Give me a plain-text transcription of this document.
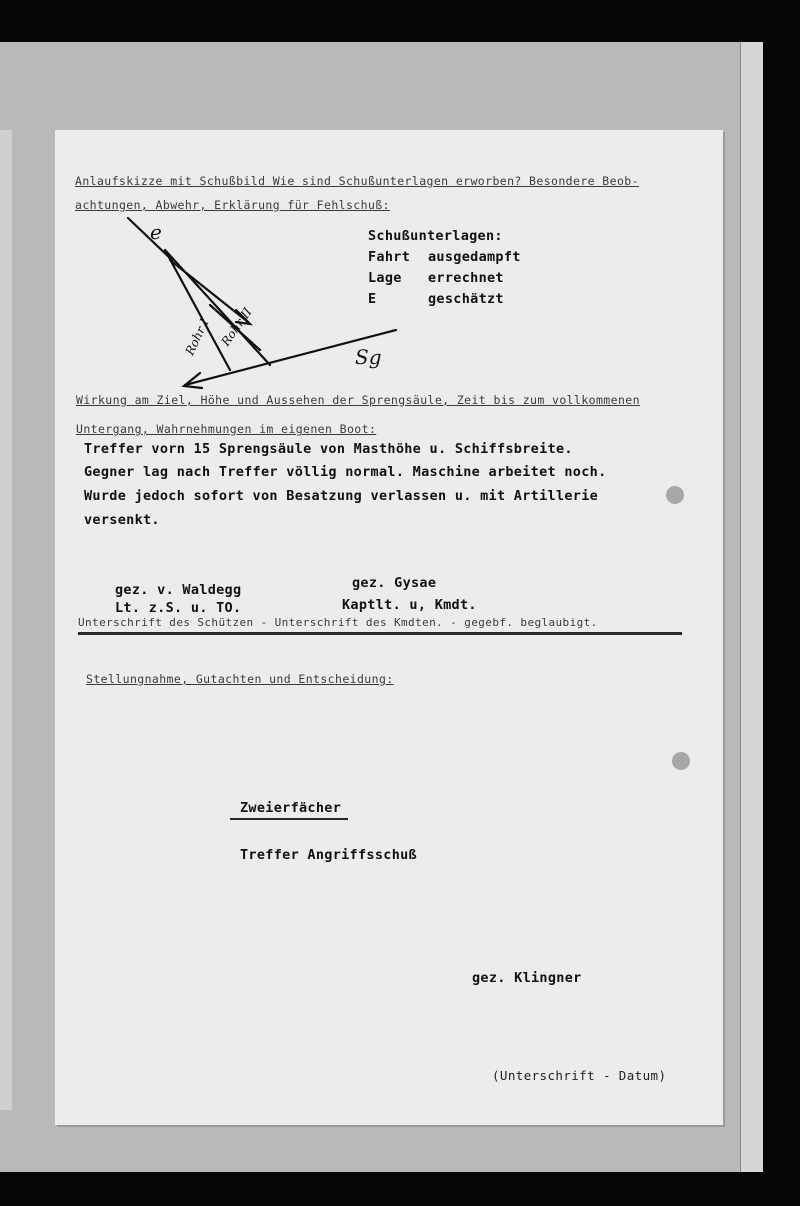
Anlaufskizze mit Schußbild Wie sind Schußunterlagen erworben? Besondere Beob-
achtungen, Abwehr, Erklärung für Fehlschuß:
e
Rohr I Rohr II
Sg
Schußunterlagen:
Fahrt ausgedampft
Lage errechnet
E	geschätzt
Wirkung am Ziel, Höhe und Aussehen der Sprengsäule, Zeit bis zum vollkommenen
Untergang, Wahrnehmungen im eigenen Boot:
Treffer vorn 15 Sprengsäule von Masthöhe u. Schiffsbreite.
Gegner lag nach Treffer völlig normal. Maschine arbeitet noch.
Wurde jedoch sofort von Besatzung verlassen u. mit Artillerie
versenkt.
gez. v. Waldegg
Lt. z.S. u. TO.
gez. Gysae
Kaptlt. u, Kmdt.
Unterschrift des Schützen - Unterschrift des Kmdten. - gegebf. beglaubigt.
Stellungnahme, Gutachten und Entscheidung:
Zweierfächer
Treffer Angriffsschuß
gez. Klingner
(Unterschrift - Datum)
